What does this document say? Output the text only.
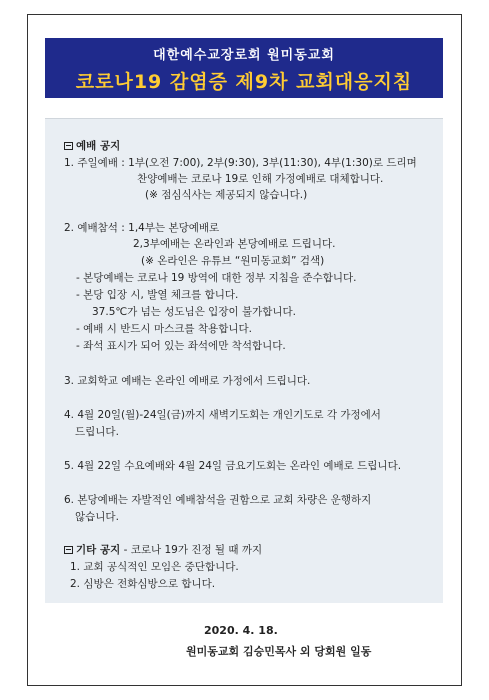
대한예수교장로회 원미동교회
코로나19 감염증 제9차 교회대응지침
예배 공지
1. 주일예배 : 1부(오전 7:00), 2부(9:30), 3부(11:30), 4부(1:30)로 드리며
찬양예배는 코로나 19로 인해 가정예배로 대체합니다.
(※ 점심식사는 제공되지 않습니다.)
2. 예배참석 : 1,4부는 본당예배로
2,3부예배는 온라인과 본당예배로 드립니다.
(※ 온라인은 유튜브 “원미동교회” 검색)
- 본당예배는 코로나 19 방역에 대한 정부 지침을 준수합니다.
- 본당 입장 시, 발열 체크를 합니다.
37.5℃가 넘는 성도님은 입장이 불가합니다.
- 예배 시 반드시 마스크를 착용합니다.
- 좌석 표시가 되어 있는 좌석에만 착석합니다.
3. 교회학교 예배는 온라인 예배로 가정에서 드립니다.
4. 4월 20일(월)-24일(금)까지 새벽기도회는 개인기도로 각 가정에서
드립니다.
5. 4월 22일 수요예배와 4월 24일 금요기도회는 온라인 예배로 드립니다.
6. 본당예배는 자발적인 예배참석을 권함으로 교회 차량은 운행하지
않습니다.
기타 공지 - 코로나 19가 진정 될 때 까지
1. 교회 공식적인 모임은 중단합니다.
2. 심방은 전화심방으로 합니다.
2020. 4. 18.
원미동교회 김승민목사 외 당회원 일동
